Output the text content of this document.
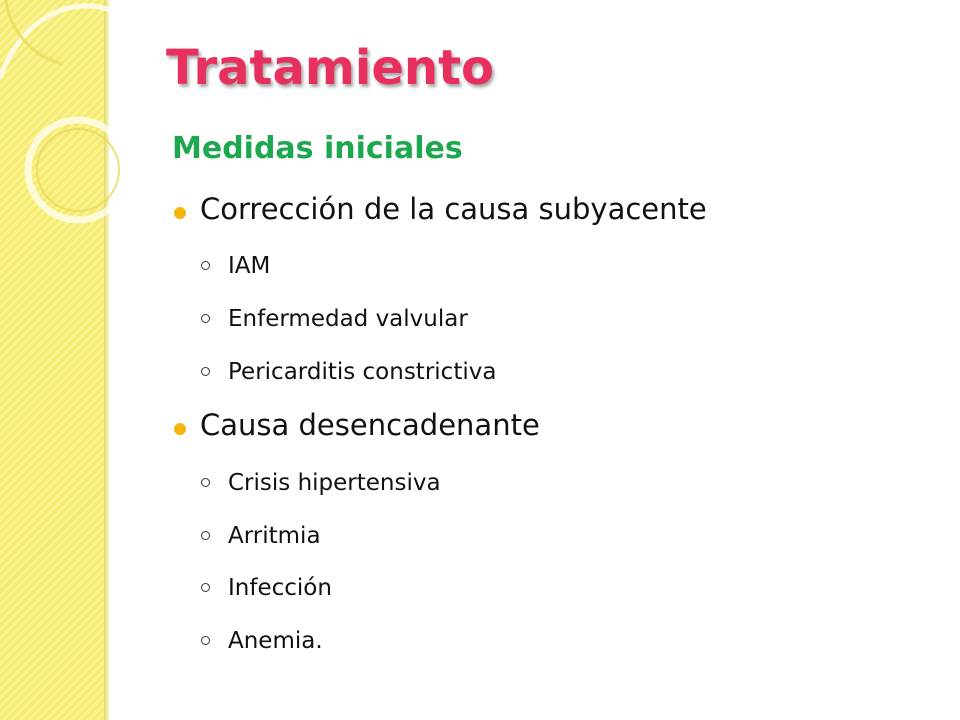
Tratamiento
Medidas iniciales
Corrección de la causa subyacente
IAM
Enfermedad valvular
Pericarditis constrictiva
Causa desencadenante
Crisis hipertensiva
Arritmia
Infección
Anemia.
